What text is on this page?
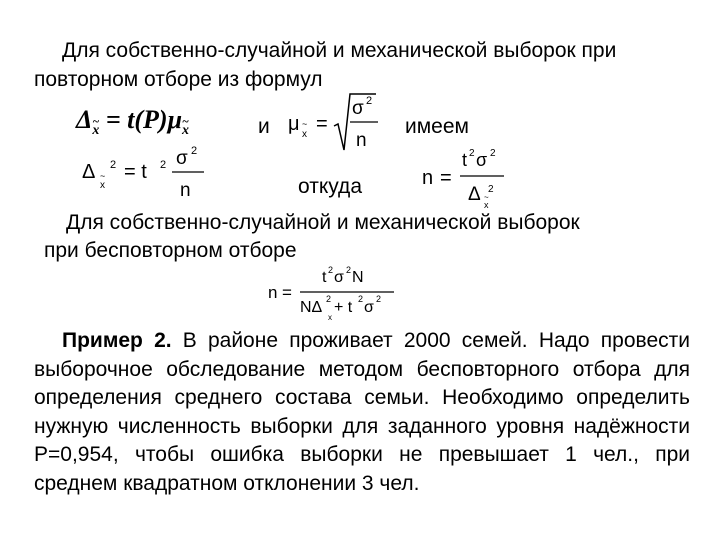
Для собственно-случайной и механической выборок при
повторном отборе из формул
Δ~ x = t(P)μ~ x	и μ x
~ =
σ 2
n
имеем
Δ
x
~
2 = t 2 σ 2
n	откуда	n =
t 2 σ 2
Δ x
~
2
Для собственно-случайной и механической выборок
при бесповторном отборе
n =
t 2 σ 2 N
NΔ 2 + t 2 σ 2
x
Пример 2. В районе проживает 2000 семей. Надо провести выборочное обследование методом бесповторного отбора для определения среднего состава семьи. Необходимо определить нужную численность выборки для заданного уровня надёжности P=0,954, чтобы ошибка выборки не превышает 1 чел., при среднем квадратном отклонении 3 чел.
